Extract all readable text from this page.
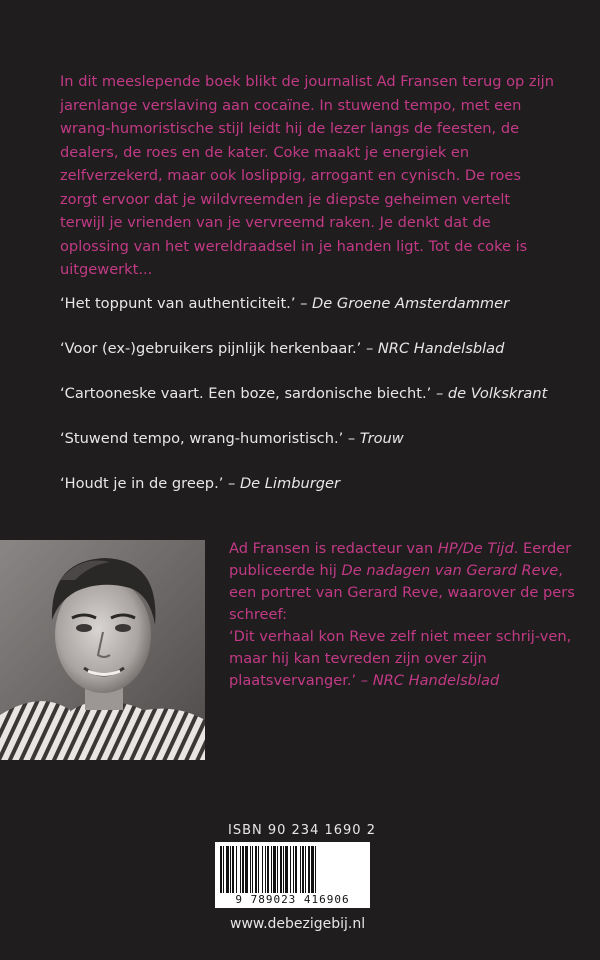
In dit meeslepende boek blikt de journalist Ad Fransen terug op zijn jarenlange verslaving aan cocaïne. In stuwend tempo, met een wrang-humoristische stijl leidt hij de lezer langs de feesten, de dealers, de roes en de kater. Coke maakt je energiek en zelfverzekerd, maar ook loslippig, arrogant en cynisch. De roes zorgt ervoor dat je wildvreemden je diepste geheimen vertelt terwijl je vrienden van je vervreemd raken. Je denkt dat de oplossing van het wereldraadsel in je handen ligt. Tot de coke is uitgewerkt...

‘Het toppunt van authenticiteit.’ – De Groene Amsterdammer
‘Voor (ex-)gebruikers pijnlijk herkenbaar.’ – NRC Handelsblad
‘Cartooneske vaart. Een boze, sardonische biecht.’ – de Volkskrant
‘Stuwend tempo, wrang-humoristisch.’ – Trouw
‘Houdt je in de greep.’ – De Limburger

Ad Fransen is redacteur van HP/De Tijd. Eerder publiceerde hij De nadagen van Gerard Reve, een portret van Gerard Reve, waarover de pers schreef:
‘Dit verhaal kon Reve zelf niet meer schrij-ven, maar hij kan tevreden zijn over zijn plaatsvervanger.’ – NRC Handelsblad

ISBN 90 234 1690 2
9 789023 416906
www.debezigebij.nl
